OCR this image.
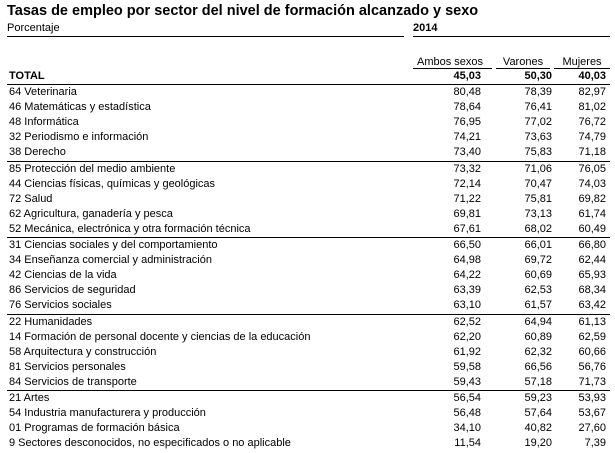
Tasas de empleo por sector del nivel de formación alcanzado y sexo
Porcentaje	2014
Ambos sexos	Varones	Mujeres
TOTAL	45,03	50,30	40,03
64 Veterinaria	80,48	78,39	82,97
46 Matemáticas y estadística	78,64	76,41	81,02
48 Informática	76,95	77,02	76,72
32 Periodismo e información	74,21	73,63	74,79
38 Derecho	73,40	75,83	71,18
85 Protección del medio ambiente	73,32	71,06	76,05
44 Ciencias físicas, químicas y geológicas	72,14	70,47	74,03
72 Salud	71,22	75,81	69,82
62 Agricultura, ganadería y pesca	69,81	73,13	61,74
52 Mecánica, electrónica y otra formación técnica	67,61	68,02	60,49
31 Ciencias sociales y del comportamiento	66,50	66,01	66,80
34 Enseñanza comercial y administración	64,98	69,72	62,44
42 Ciencias de la vida	64,22	60,69	65,93
86 Servicios de seguridad	63,39	62,53	68,34
76 Servicios sociales	63,10	61,57	63,42
22 Humanidades	62,52	64,94	61,13
14 Formación de personal docente y ciencias de la educación	62,20	60,89	62,59
58 Arquitectura y construcción	61,92	62,32	60,66
81 Servicios personales	59,58	66,56	56,76
84 Servicios de transporte	59,43	57,18	71,73
21 Artes	56,54	59,23	53,93
54 Industria manufacturera y producción	56,48	57,64	53,67
01 Programas de formación básica	34,10	40,82	27,60
9 Sectores desconocidos, no especificados o no aplicable	11,54	19,20	7,39
